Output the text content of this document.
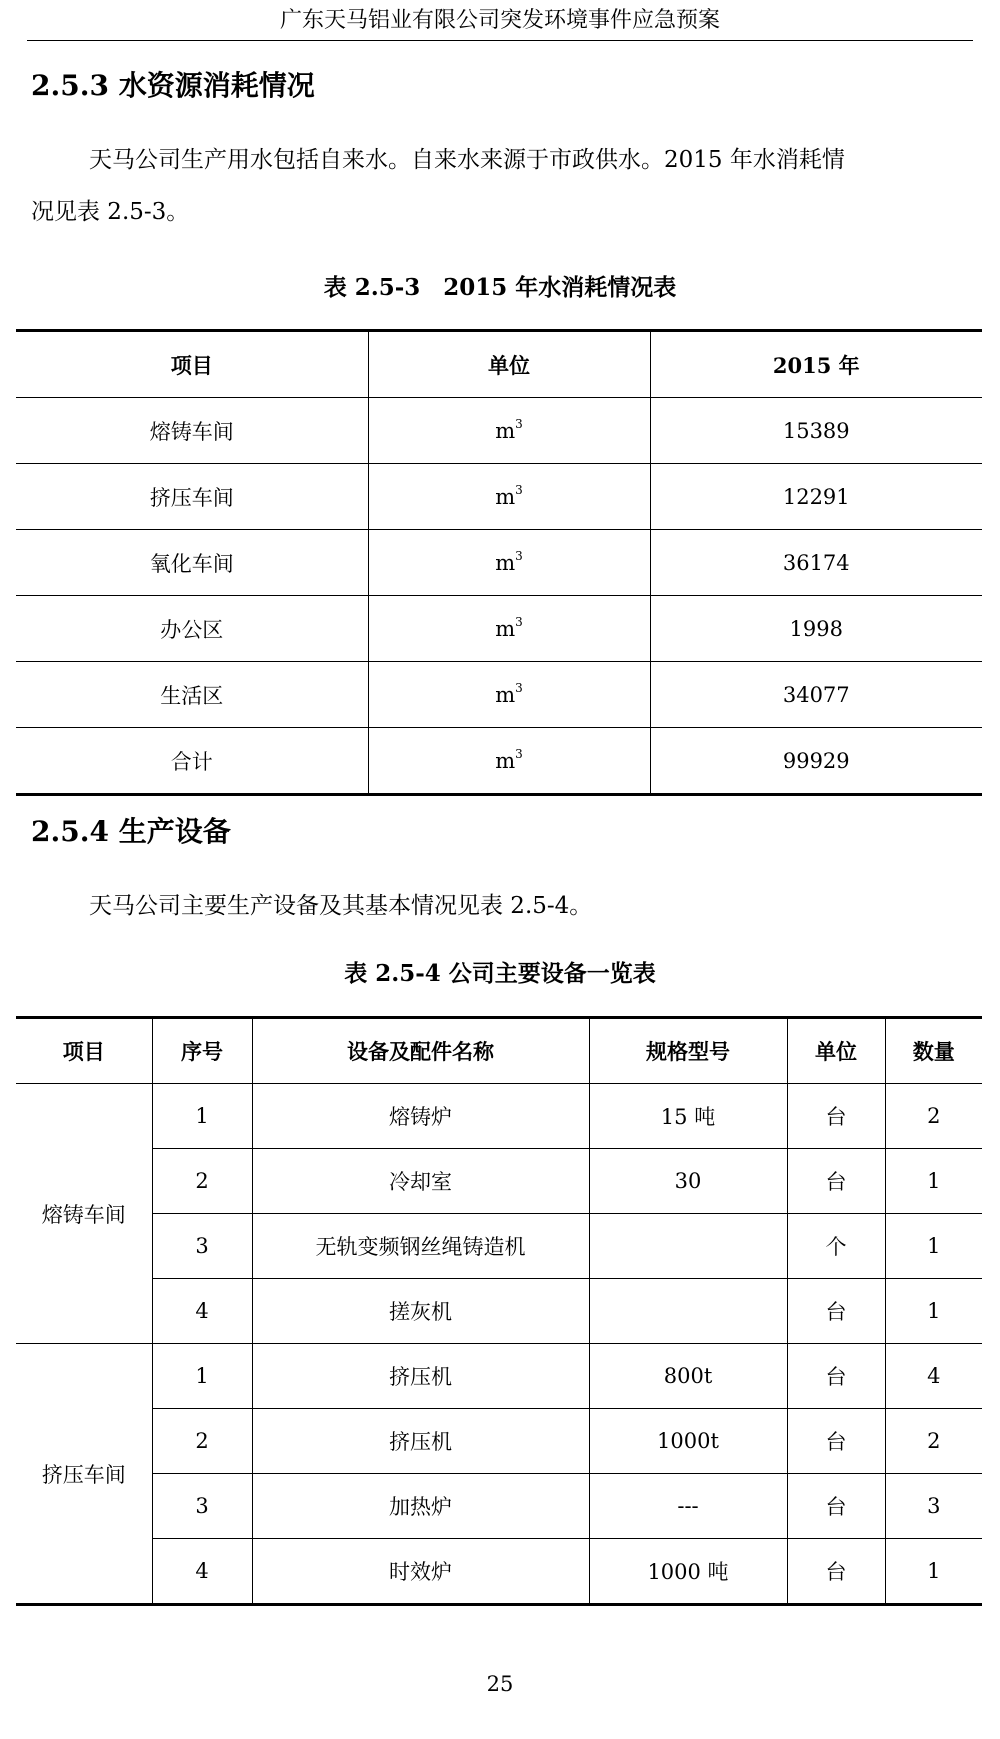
广东天马铝业有限公司突发环境事件应急预案
2.5.3 水资源消耗情况
天马公司生产用水包括自来水。自来水来源于市政供水。2015 年水消耗情
况见表 2.5-3。
表 2.5-3　2015 年水消耗情况表
项目	单位	2015 年
熔铸车间	$m^3$	15389
挤压车间	$m^3$	12291
氧化车间	$m^3$	36174
办公区	$m^3$	1998
生活区	$m^3$	34077
合计	$m^3$	99929
2.5.4 生产设备
天马公司主要生产设备及其基本情况见表 2.5-4。
表 2.5-4 公司主要设备一览表
项目	序号	设备及配件名称	规格型号	单位	数量
熔铸车间	1	熔铸炉	15 吨	台	2
	2	冷却室	30	台	1
	3	无轨变频钢丝绳铸造机		个	1
	4	搓灰机		台	1
挤压车间	1	挤压机	800t	台	4
	2	挤压机	1000t	台	2
	3	加热炉	---	台	3
	4	时效炉	1000 吨	台	1
25
